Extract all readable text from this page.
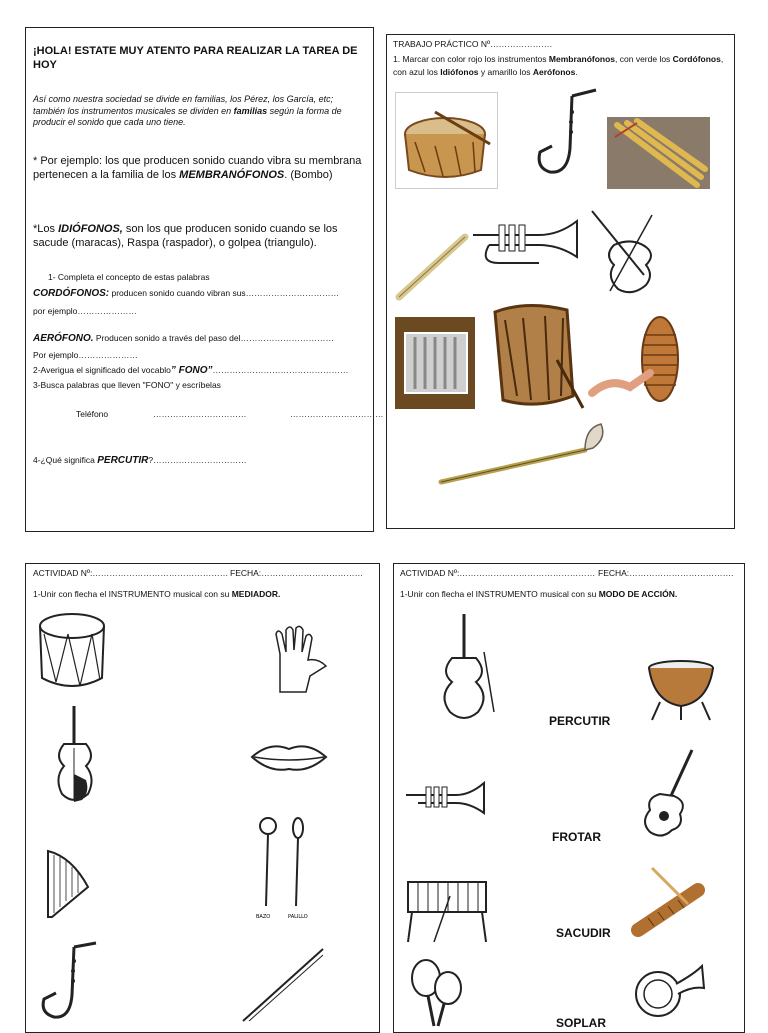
¡HOLA! ESTATE MUY ATENTO PARA REALIZAR LA TAREA DE HOY
Así como nuestra sociedad se divide en familias, los Pérez, los García, etc; también los instrumentos musicales se dividen en familias según la forma de producir el sonido que cada uno tiene.
* Por ejemplo: los que producen sonido cuando vibra su membrana pertenecen a la familia de los MEMBRANÓFONOS. (Bombo)
*Los IDIÓFONOS, son los que producen sonido cuando se los sacude (maracas), Raspa (raspador), o golpea (triangulo).
1- Completa el concepto de estas palabras
CORDÓFONOS: producen sonido cuando vibran sus……………………………
por ejemplo…………………
AERÓFONO. Producen sonido a través del paso del……………………………
Por ejemplo…………………
2-Averigua el significado del vocablo” FONO”…………………………………………
3-Busca palabras que lleven "FONO" y escríbelas
Teléfono	……………………………	……………………………
4-¿Qué significa PERCUTIR?……………………………
TRABAJO PRÁCTICO Nº………………….
1. Marcar con color rojo los instrumentos Membranófonos, con verde los Cordófonos, con azul los Idiófonos y amarillo los Aerófonos.
ACTIVIDAD Nº:………………………………………… FECHA:………………………………
1-Unir con flecha el INSTRUMENTO musical con su MEDIADOR.
BAZO	PALILLO
ACTIVIDAD Nº:………………………………………… FECHA:……………………………….
1-Unir con flecha el INSTRUMENTO musical con su MODO DE ACCIÓN.
PERCUTIR
FROTAR
SACUDIR
SOPLAR
